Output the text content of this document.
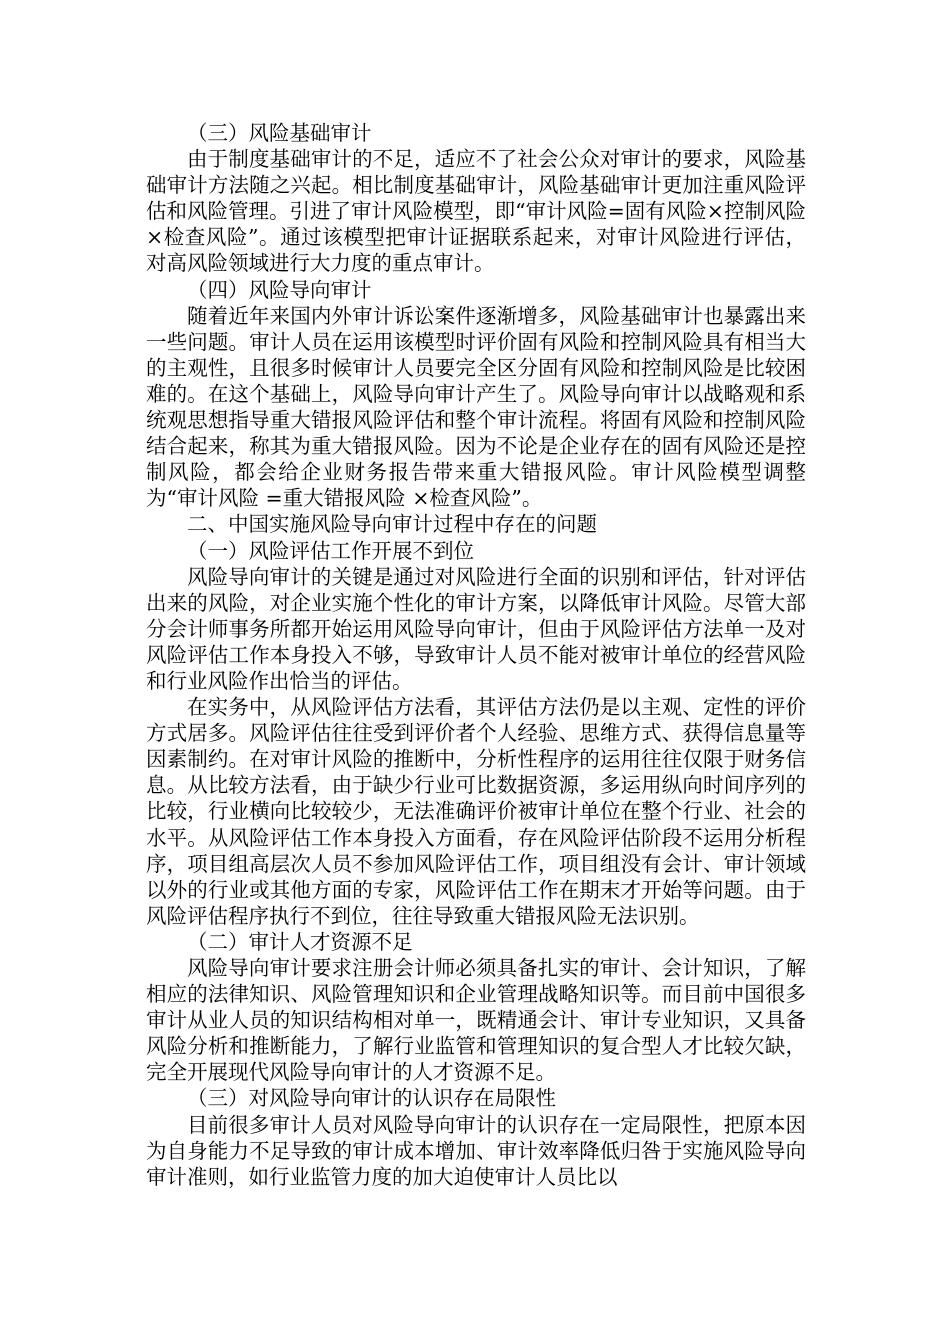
（三）风险基础审计

由于制度基础审计的不足，适应不了社会公众对审计的要求，风险基础审计方法随之兴起。相比制度基础审计，风险基础审计更加注重风险评估和风险管理。引进了审计风险模型，即“审计风险=固有风险×控制风险×检查风险”。通过该模型把审计证据联系起来，对审计风险进行评估，对高风险领域进行大力度的重点审计。

（四）风险导向审计

随着近年来国内外审计诉讼案件逐渐增多，风险基础审计也暴露出来一些问题。审计人员在运用该模型时评价固有风险和控制风险具有相当大的主观性，且很多时候审计人员要完全区分固有风险和控制风险是比较困难的。在这个基础上，风险导向审计产生了。风险导向审计以战略观和系统观思想指导重大错报风险评估和整个审计流程。将固有风险和控制风险结合起来，称其为重大错报风险。因为不论是企业存在的固有风险还是控制风险，都会给企业财务报告带来重大错报风险。审计风险模型调整为“审计风险 =重大错报风险 ×检查风险”。

二、中国实施风险导向审计过程中存在的问题

（一）风险评估工作开展不到位

风险导向审计的关键是通过对风险进行全面的识别和评估，针对评估出来的风险，对企业实施个性化的审计方案，以降低审计风险。尽管大部分会计师事务所都开始运用风险导向审计，但由于风险评估方法单一及对风险评估工作本身投入不够，导致审计人员不能对被审计单位的经营风险和行业风险作出恰当的评估。

在实务中，从风险评估方法看，其评估方法仍是以主观、定性的评价方式居多。风险评估往往受到评价者个人经验、思维方式、获得信息量等因素制约。在对审计风险的推断中，分析性程序的运用往往仅限于财务信息。从比较方法看，由于缺少行业可比数据资源，多运用纵向时间序列的比较，行业横向比较较少，无法准确评价被审计单位在整个行业、社会的水平。从风险评估工作本身投入方面看，存在风险评估阶段不运用分析程序，项目组高层次人员不参加风险评估工作，项目组没有会计、审计领域以外的行业或其他方面的专家，风险评估工作在期末才开始等问题。由于风险评估程序执行不到位，往往导致重大错报风险无法识别。

（二）审计人才资源不足

风险导向审计要求注册会计师必须具备扎实的审计、会计知识，了解相应的法律知识、风险管理知识和企业管理战略知识等。而目前中国很多审计从业人员的知识结构相对单一，既精通会计、审计专业知识，又具备风险分析和推断能力，了解行业监管和管理知识的复合型人才比较欠缺，完全开展现代风险导向审计的人才资源不足。

（三）对风险导向审计的认识存在局限性

目前很多审计人员对风险导向审计的认识存在一定局限性，把原本因为自身能力不足导致的审计成本增加、审计效率降低归咎于实施风险导向审计准则，如行业监管力度的加大迫使审计人员比以
